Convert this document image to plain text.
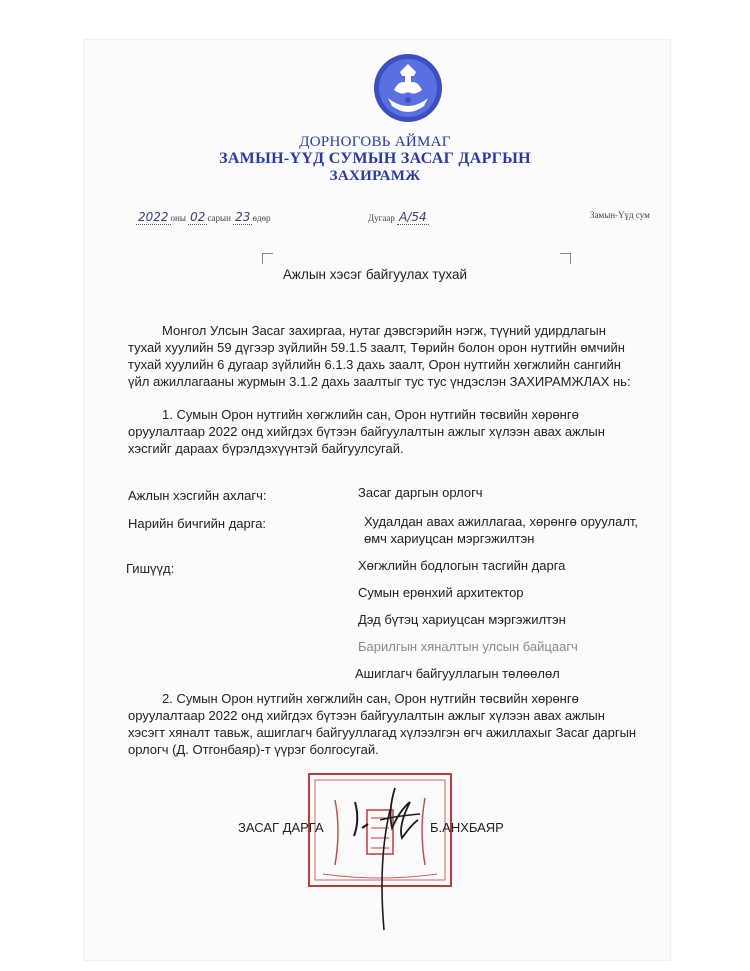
ДОРНОГОВЬ АЙМАГ
ЗАМЫН-ҮҮД СУМЫН ЗАСАГ ДАРГЫН
ЗАХИРАМЖ
2022 оны 02 сарын 23 өдөр	Дугаар А/54	Замын-Үүд сум
Ажлын хэсэг байгуулах тухай

Монгол Улсын Засаг захиргаа, нутаг дэвсгэрийн нэгж, түүний удирдлагын

тухай хуулийн 59 дүгээр зүйлийн 59.1.5 заалт, Төрийн болон орон нутгийн өмчийн

тухай хуулийн 6 дугаар зүйлийн 6.1.3 дахь заалт, Орон нутгийн хөгжлийн сангийн

үйл ажиллагааны журмын 3.1.2 дахь заалтыг тус тус үндэслэн ЗАХИРАМЖЛАХ нь:

1. Сумын Орон нутгийн хөгжлийн сан, Орон нутгийн төсвийн хөрөнгө

оруулалтаар 2022 онд хийгдэх бүтээн байгуулалтын ажлыг хүлээн авах ажлын

хэсгийг дараах бүрэлдэхүүнтэй байгуулсугай.

Ажлын хэсгийн ахлагч:	Засаг даргын орлогч
Нарийн бичгийн дарга:	Худалдан авах ажиллагаа, хөрөнгө оруулалт,
өмч хариуцсан мэргэжилтэн
Гишүүд:	Хөгжлийн бодлогын тасгийн дарга
Сумын ерөнхий архитектор
Дэд бүтэц хариуцсан мэргэжилтэн
Барилгын хяналтын улсын байцаагч
Ашиглагч байгууллагын төлөөлөл

2. Сумын Орон нутгийн хөгжлийн сан, Орон нутгийн төсвийн хөрөнгө

оруулалтаар 2022 онд хийгдэх бүтээн байгуулалтын ажлыг хүлээн авах ажлын

хэсэгт хяналт тавьж, ашиглагч байгууллагад хүлээлгэн өгч ажиллахыг Засаг даргын

орлогч (Д. Отгонбаяр)-т үүрэг болгосугай.

ЗАСАГ ДАРГА	Б.АНХБАЯР
